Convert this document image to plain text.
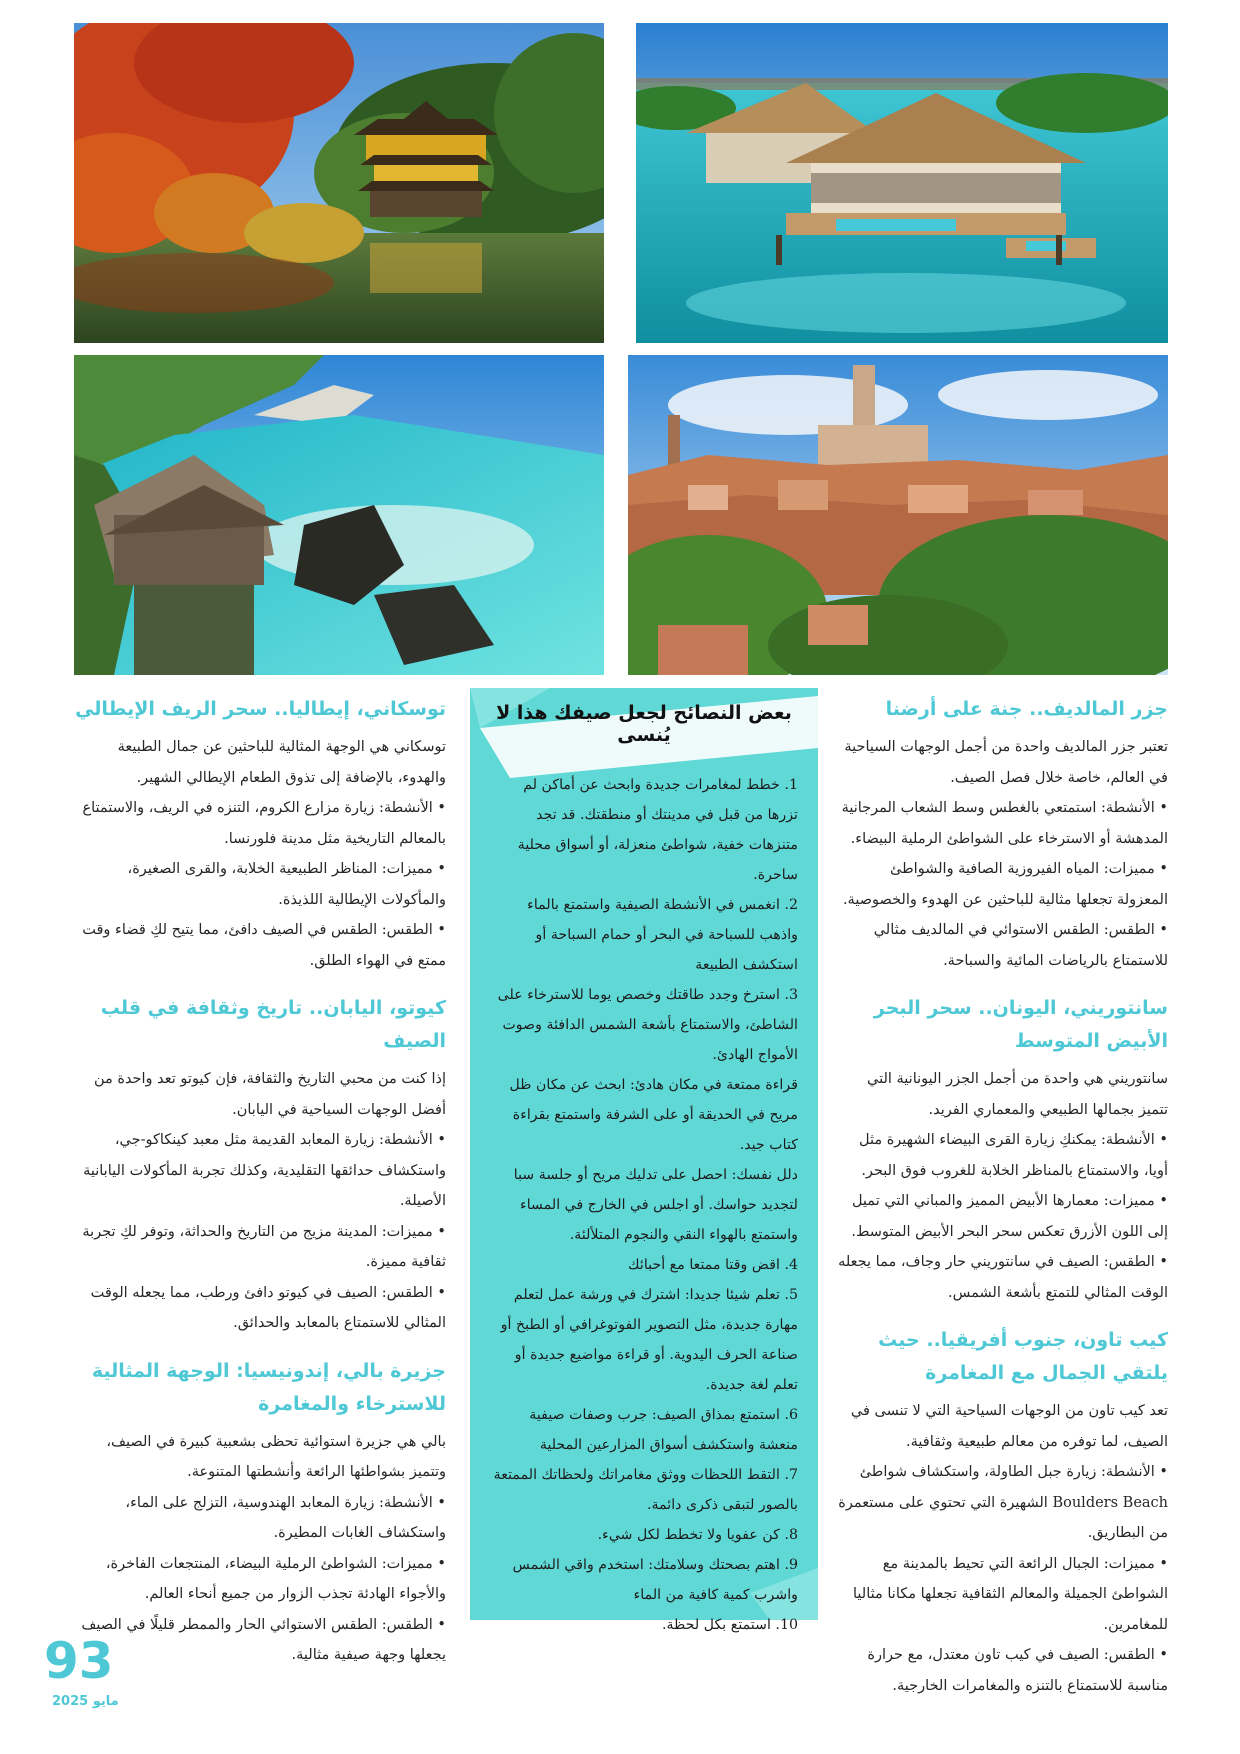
توسكاني، إيطاليا.. سحر الريف الإيطالي

توسكاني هي الوجهة المثالية للباحثين عن جمال الطبيعة والهدوء، بالإضافة إلى تذوق الطعام الإيطالي الشهير.

• الأنشطة: زيارة مزارع الكروم، التنزه في الريف، والاستمتاع بالمعالم التاريخية مثل مدينة فلورنسا.

• مميزات: المناظر الطبيعية الخلابة، والقرى الصغيرة، والمأكولات الإيطالية اللذيذة.

• الطقس: الطقس في الصيف دافئ، مما يتيح لكِ قضاء وقت ممتع في الهواء الطلق.

كيوتو، اليابان.. تاريخ وثقافة في قلب الصيف

إذا كنت من محبي التاريخ والثقافة، فإن كيوتو تعد واحدة من أفضل الوجهات السياحية في اليابان.

• الأنشطة: زيارة المعابد القديمة مثل معبد كينكاكو-جي، واستكشاف حدائقها التقليدية، وكذلك تجربة المأكولات اليابانية الأصيلة.

• مميزات: المدينة مزيج من التاريخ والحداثة، وتوفر لكِ تجربة ثقافية مميزة.

• الطقس: الصيف في كيوتو دافئ ورطب، مما يجعله الوقت المثالي للاستمتاع بالمعابد والحدائق.

جزيرة بالي، إندونيسيا: الوجهة المثالية للاسترخاء والمغامرة

بالي هي جزيرة استوائية تحظى بشعبية كبيرة في الصيف، وتتميز بشواطئها الرائعة وأنشطتها المتنوعة.

• الأنشطة: زيارة المعابد الهندوسية، التزلج على الماء، واستكشاف الغابات المطيرة.

• مميزات: الشواطئ الرملية البيضاء، المنتجعات الفاخرة، والأجواء الهادئة تجذب الزوار من جميع أنحاء العالم.

• الطقس: الطقس الاستوائي الحار والممطر قليلًا في الصيف يجعلها وجهة صيفية مثالية.

بعض النصائح لجعل صيفك هذا لا يُنسى

1. خطط لمغامرات جديدة وابحث عن أماكن لم تزرها من قبل في مدينتك أو منطقتك. قد تجد متنزهات خفية، شواطئ منعزلة، أو أسواق محلية ساحرة.

2. انغمس في الأنشطة الصيفية واستمتع بالماء واذهب للسباحة في البحر أو حمام السباحة أو استكشف الطبيعة

3. استرخ وجدد طاقتك وخصص يوما للاسترخاء على الشاطئ، والاستمتاع بأشعة الشمس الدافئة وصوت الأمواج الهادئ.

قراءة ممتعة في مكان هادئ: ابحث عن مكان ظل مريح في الحديقة أو على الشرفة واستمتع بقراءة كتاب جيد.

دلل نفسك: احصل على تدليك مريح أو جلسة سبا لتجديد حواسك. أو اجلس في الخارج في المساء واستمتع بالهواء النقي والنجوم المتلألئة.

4. اقض وقتا ممتعا مع أحبائك

5. تعلم شيئا جديدا: اشترك في ورشة عمل لتعلم مهارة جديدة، مثل التصوير الفوتوغرافي أو الطبخ أو صناعة الحرف اليدوية. أو قراءة مواضيع جديدة أو تعلم لغة جديدة.

6. استمتع بمذاق الصيف: جرب وصفات صيفية منعشة واستكشف أسواق المزارعين المحلية

7. التقط اللحظات ووثق مغامراتك ولحظاتك الممتعة بالصور لتبقى ذكرى دائمة.

8. كن عفويا ولا تخطط لكل شيء.

9. اهتم بصحتك وسلامتك: استخدم واقي الشمس واشرب كمية كافية من الماء

10. استمتع بكل لحظة.

جزر المالديف.. جنة على أرضنا

تعتبر جزر المالديف واحدة من أجمل الوجهات السياحية في العالم، خاصة خلال فصل الصيف.

• الأنشطة: استمتعي بالغطس وسط الشعاب المرجانية المدهشة أو الاسترخاء على الشواطئ الرملية البيضاء.

• مميزات: المياه الفيروزية الصافية والشواطئ المعزولة تجعلها مثالية للباحثين عن الهدوء والخصوصية.

• الطقس: الطقس الاستوائي في المالديف مثالي للاستمتاع بالرياضات المائية والسباحة.

سانتوريني، اليونان.. سحر البحر الأبيض المتوسط

سانتوريني هي واحدة من أجمل الجزر اليونانية التي تتميز بجمالها الطبيعي والمعماري الفريد.

• الأنشطة: يمكنكِ زيارة القرى البيضاء الشهيرة مثل أويا، والاستمتاع بالمناظر الخلابة للغروب فوق البحر.

• مميزات: معمارها الأبيض المميز والمباني التي تميل إلى اللون الأزرق تعكس سحر البحر الأبيض المتوسط.

• الطقس: الصيف في سانتوريني حار وجاف، مما يجعله الوقت المثالي للتمتع بأشعة الشمس.

كيب تاون، جنوب أفريقيا.. حيث يلتقي الجمال مع المغامرة

تعد كيب تاون من الوجهات السياحية التي لا تنسى في الصيف، لما توفره من معالم طبيعية وثقافية.

• الأنشطة: زيارة جبل الطاولة، واستكشاف شواطئ Boulders Beach الشهيرة التي تحتوي على مستعمرة من البطاريق.

• مميزات: الجبال الرائعة التي تحيط بالمدينة مع الشواطئ الجميلة والمعالم الثقافية تجعلها مكانا مثاليا للمغامرين.

• الطقس: الصيف في كيب تاون معتدل، مع حرارة مناسبة للاستمتاع بالتنزه والمغامرات الخارجية.

93
مايو 2025
